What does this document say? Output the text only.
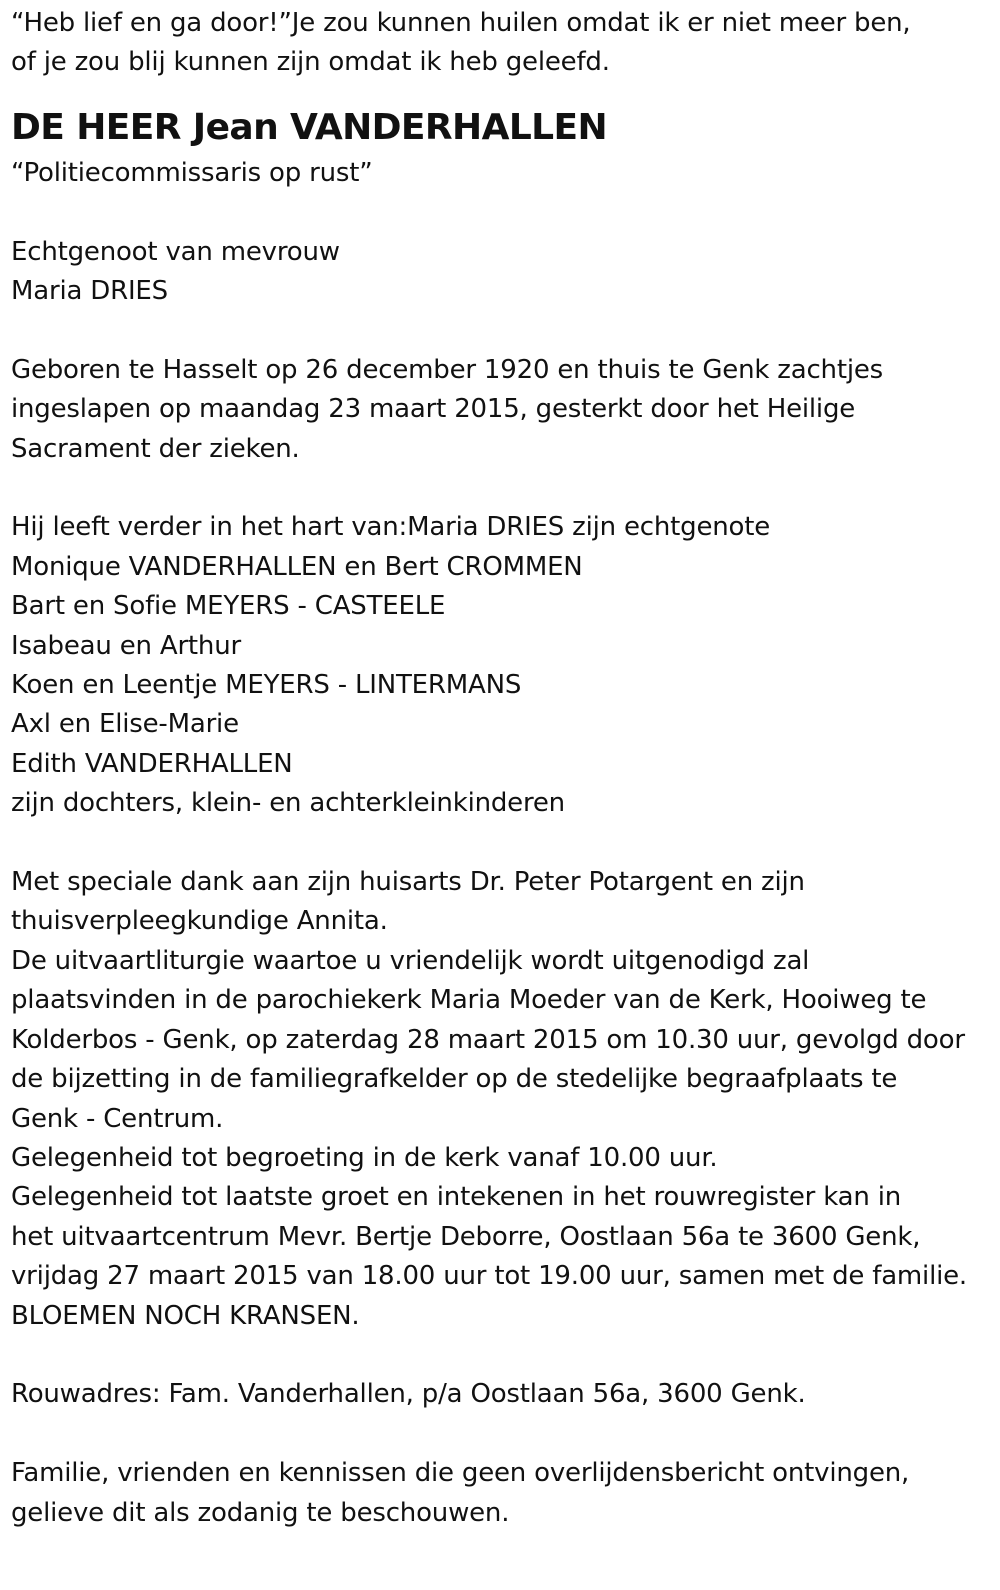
“Heb lief en ga door!”Je zou kunnen huilen omdat ik er niet meer ben,
of je zou blij kunnen zijn omdat ik heb geleefd.
DE HEER Jean VANDERHALLEN
“Politiecommissaris op rust”
Echtgenoot van mevrouw
Maria DRIES
Geboren te Hasselt op 26 december 1920 en thuis te Genk zachtjes
ingeslapen op maandag 23 maart 2015, gesterkt door het Heilige
Sacrament der zieken.
Hij leeft verder in het hart van:Maria DRIES zijn echtgenote
Monique VANDERHALLEN en Bert CROMMEN
Bart en Sofie MEYERS - CASTEELE
Isabeau en Arthur
Koen en Leentje MEYERS - LINTERMANS
Axl en Elise-Marie
Edith VANDERHALLEN
zijn dochters, klein- en achterkleinkinderen
Met speciale dank aan zijn huisarts Dr. Peter Potargent en zijn
thuisverpleegkundige Annita.
De uitvaartliturgie waartoe u vriendelijk wordt uitgenodigd zal
plaatsvinden in de parochiekerk Maria Moeder van de Kerk, Hooiweg te
Kolderbos - Genk, op zaterdag 28 maart 2015 om 10.30 uur, gevolgd door
de bijzetting in de familiegrafkelder op de stedelijke begraafplaats te
Genk - Centrum.
Gelegenheid tot begroeting in de kerk vanaf 10.00 uur.
Gelegenheid tot laatste groet en intekenen in het rouwregister kan in
het uitvaartcentrum Mevr. Bertje Deborre, Oostlaan 56a te 3600 Genk,
vrijdag 27 maart 2015 van 18.00 uur tot 19.00 uur, samen met de familie.
BLOEMEN NOCH KRANSEN.
Rouwadres: Fam. Vanderhallen, p/a Oostlaan 56a, 3600 Genk.
Familie, vrienden en kennissen die geen overlijdensbericht ontvingen,
gelieve dit als zodanig te beschouwen.
